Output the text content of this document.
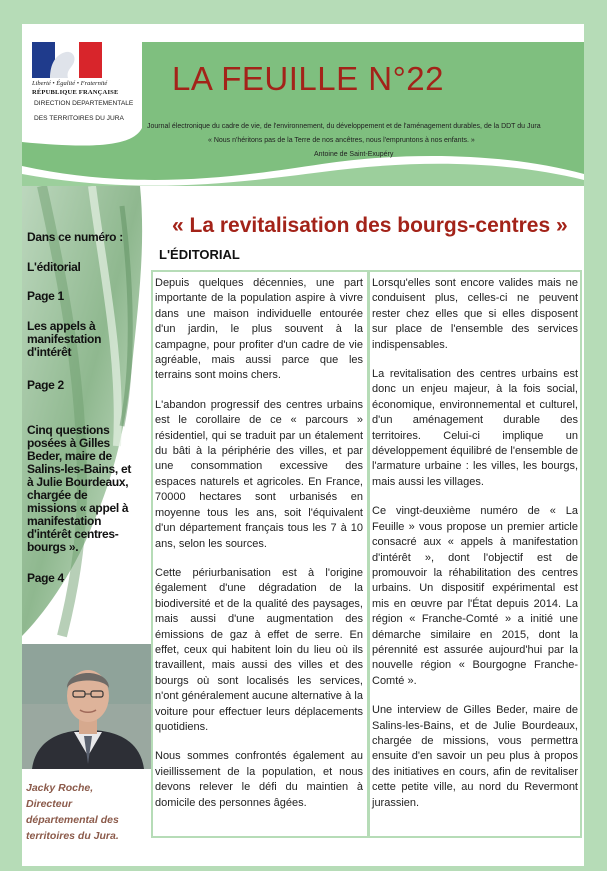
Liberté • Égalité • Fraternité
RÉPUBLIQUE FRANÇAISE
DIRECTION DEPARTEMENTALE
DES TERRITOIRES DU JURA
LA FEUILLE N°22
Journal électronique du cadre de vie, de l'environnement, du développement et de l'aménagement durables, de la DDT du Jura
« Nous n'héritons pas de la Terre de nos ancêtres, nous l'empruntons à nos enfants. »
Antoine de Saint-Exupéry
Dans ce numéro :
L'éditorial
Page 1
Les appels à manifestation d'intérêt
Page 2
Cinq questions posées à Gilles Beder, maire de Salins-les-Bains, et à Julie Bourdeaux, chargée de missions « appel à manifestation d'intérêt centres-bourgs ».
Page 4
Jacky Roche,
Directeur départemental des territoires du Jura.
« La revitalisation des bourgs-centres »
L'ÉDITORIAL

Depuis quelques décennies, une part importante de la population aspire à vivre dans une maison individuelle entourée d'un jardin, le plus souvent à la campagne, pour profiter d'un cadre de vie agréable, mais aussi parce que les terrains sont moins chers.

L'abandon progressif des centres urbains est le corollaire de ce « parcours » résidentiel, qui se traduit par un étalement du bâti à la périphérie des villes, et par une consommation excessive des espaces naturels et agricoles. En France, 70000 hectares sont urbanisés en moyenne tous les ans, soit l'équivalent d'un département français tous les 7 à 10 ans, selon les sources.

Cette périurbanisation est à l'origine également d'une dégradation de la biodiversité et de la qualité des paysages, mais aussi d'une augmentation des émissions de gaz à effet de serre. En effet, ceux qui habitent loin du lieu où ils travaillent, mais aussi des villes et des bourgs où sont localisés les services, n'ont généralement aucune alternative à la voiture pour effectuer leurs déplacements quotidiens.

Nous sommes confrontés également au vieillissement de la population, et nous devons relever le défi du maintien à domicile des personnes âgées.

Lorsqu'elles sont encore valides mais ne conduisent plus, celles-ci ne peuvent rester chez elles que si elles disposent sur place de l'ensemble des services indispensables.

La revitalisation des centres urbains est donc un enjeu majeur, à la fois social, économique, environnemental et culturel, d'un aménagement durable des territoires. Celui-ci implique un développement équilibré de l'ensemble de l'armature urbaine : les villes, les bourgs, mais aussi les villages.

Ce vingt-deuxième numéro de « La Feuille » vous propose un premier article consacré aux « appels à manifestation d'intérêt », dont l'objectif est de promouvoir la réhabilitation des centres urbains. Un dispositif expérimental est mis en œuvre par l'État depuis 2014. La région « Franche-Comté » a initié une démarche similaire en 2015, dont la pérennité est assurée aujourd'hui par la nouvelle région « Bourgogne Franche-Comté ».

Une interview de Gilles Beder, maire de Salins-les-Bains, et de Julie Bourdeaux, chargée de missions, vous permettra ensuite d'en savoir un peu plus à propos des initiatives en cours, afin de revitaliser cette petite ville, au nord du Revermont jurassien.
